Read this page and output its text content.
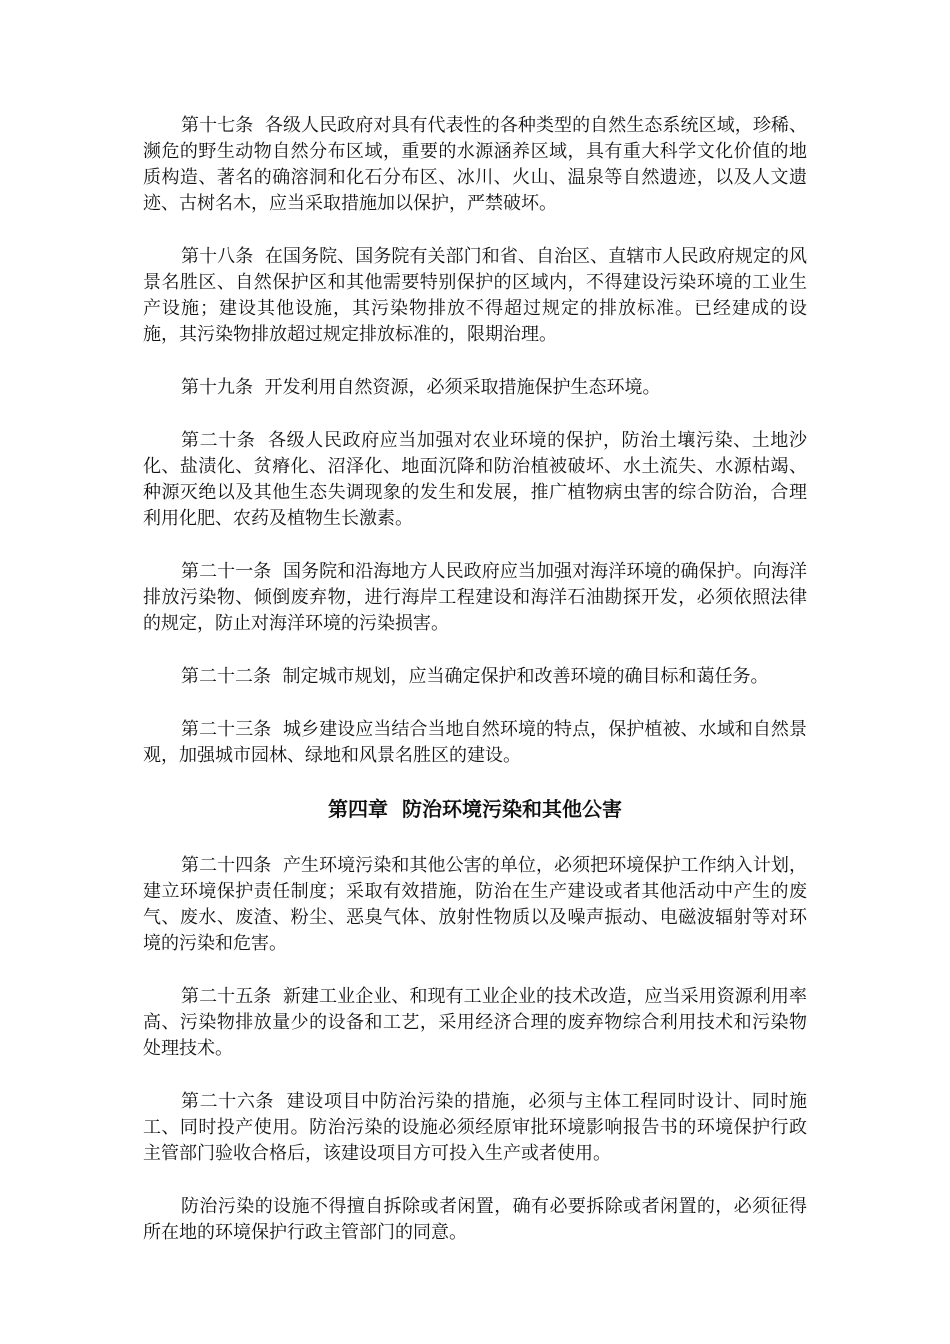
第十七条  各级人民政府对具有代表性的各种类型的自然生态系统区域，珍稀、濒危的野生动物自然分布区域，重要的水源涵养区域，具有重大科学文化价值的地质构造、著名的确溶洞和化石分布区、冰川、火山、温泉等自然遗迹，以及人文遗迹、古树名木，应当采取措施加以保护，严禁破坏。

第十八条  在国务院、国务院有关部门和省、自治区、直辖市人民政府规定的风景名胜区、自然保护区和其他需要特别保护的区域内，不得建设污染环境的工业生产设施；建设其他设施，其污染物排放不得超过规定的排放标准。已经建成的设施，其污染物排放超过规定排放标准的，限期治理。

第十九条  开发利用自然资源，必须采取措施保护生态环境。

第二十条  各级人民政府应当加强对农业环境的保护，防治土壤污染、土地沙化、盐渍化、贫瘠化、沼泽化、地面沉降和防治植被破坏、水土流失、水源枯竭、种源灭绝以及其他生态失调现象的发生和发展，推广植物病虫害的综合防治，合理利用化肥、农药及植物生长激素。

第二十一条  国务院和沿海地方人民政府应当加强对海洋环境的确保护。向海洋排放污染物、倾倒废弃物，进行海岸工程建设和海洋石油勘探开发，必须依照法律的规定，防止对海洋环境的污染损害。

第二十二条  制定城市规划，应当确定保护和改善环境的确目标和蔼任务。

第二十三条  城乡建设应当结合当地自然环境的特点，保护植被、水域和自然景观，加强城市园林、绿地和风景名胜区的建设。

第四章  防治环境污染和其他公害

第二十四条  产生环境污染和其他公害的单位，必须把环境保护工作纳入计划，建立环境保护责任制度；采取有效措施，防治在生产建设或者其他活动中产生的废气、废水、废渣、粉尘、恶臭气体、放射性物质以及噪声振动、电磁波辐射等对环境的污染和危害。

第二十五条  新建工业企业、和现有工业企业的技术改造，应当采用资源利用率高、污染物排放量少的设备和工艺，采用经济合理的废弃物综合利用技术和污染物处理技术。

第二十六条  建设项目中防治污染的措施，必须与主体工程同时设计、同时施工、同时投产使用。防治污染的设施必须经原审批环境影响报告书的环境保护行政主管部门验收合格后，该建设项目方可投入生产或者使用。

防治污染的设施不得擅自拆除或者闲置，确有必要拆除或者闲置的，必须征得所在地的环境保护行政主管部门的同意。
